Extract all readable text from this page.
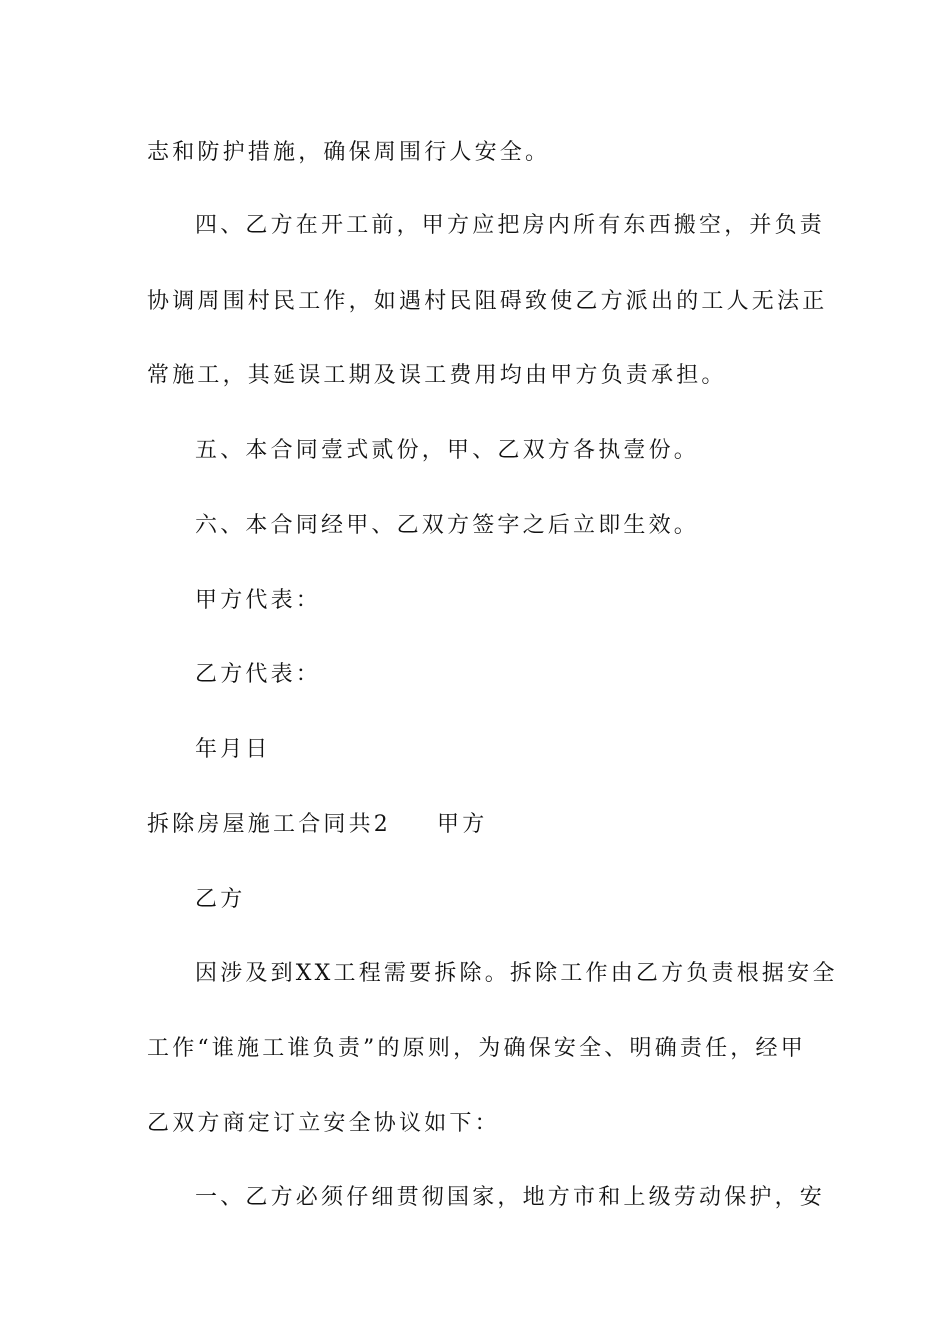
志和防护措施，确保周围行人安全。
四、乙方在开工前，甲方应把房内所有东西搬空，并负责
协调周围村民工作，如遇村民阻碍致使乙方派出的工人无法正
常施工，其延误工期及误工费用均由甲方负责承担。
五、本合同壹式贰份，甲、乙双方各执壹份。
六、本合同经甲、乙双方签字之后立即生效。
甲方代表：
乙方代表：
年月日
拆除房屋施工合同共2 甲方
乙方
因涉及到XX工程需要拆除。拆除工作由乙方负责根据安全
工作“谁施工谁负责”的原则，为确保安全、明确责任，经甲
乙双方商定订立安全协议如下：
一、乙方必须仔细贯彻国家，地方市和上级劳动保护，安
